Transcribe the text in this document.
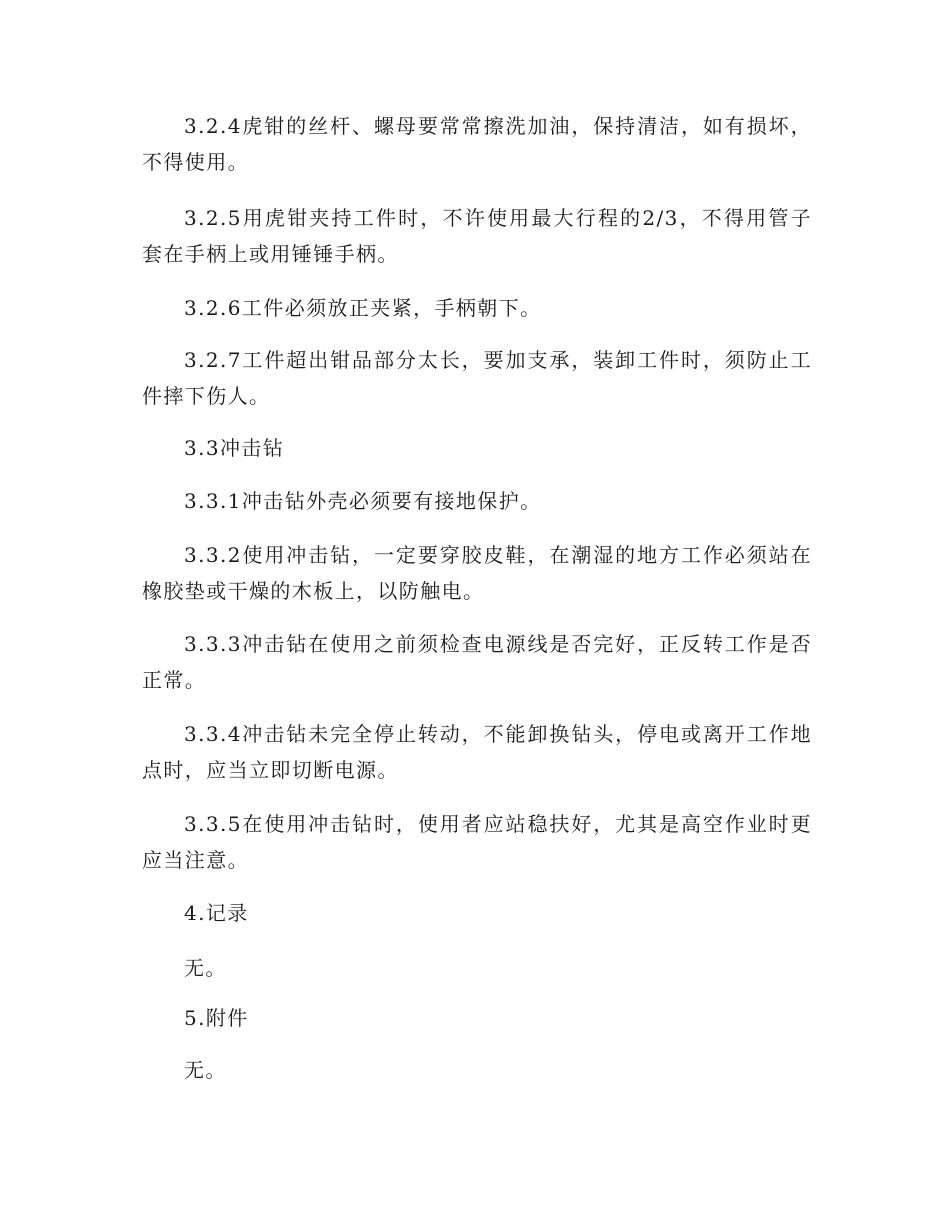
3.2.4虎钳的丝杆、螺母要常常擦洗加油，保持清洁，如有损坏，不得使用。

3.2.5用虎钳夹持工件时，不许使用最大行程的2/3，不得用管子套在手柄上或用锤锤手柄。

3.2.6工件必须放正夹紧，手柄朝下。

3.2.7工件超出钳品部分太长，要加支承，装卸工件时，须防止工件摔下伤人。

3.3冲击钻

3.3.1冲击钻外壳必须要有接地保护。

3.3.2使用冲击钻，一定要穿胶皮鞋，在潮湿的地方工作必须站在橡胶垫或干燥的木板上，以防触电。

3.3.3冲击钻在使用之前须检查电源线是否完好，正反转工作是否正常。

3.3.4冲击钻未完全停止转动，不能卸换钻头，停电或离开工作地点时，应当立即切断电源。

3.3.5在使用冲击钻时，使用者应站稳扶好，尤其是高空作业时更应当注意。

4.记录

无。

5.附件

无。
